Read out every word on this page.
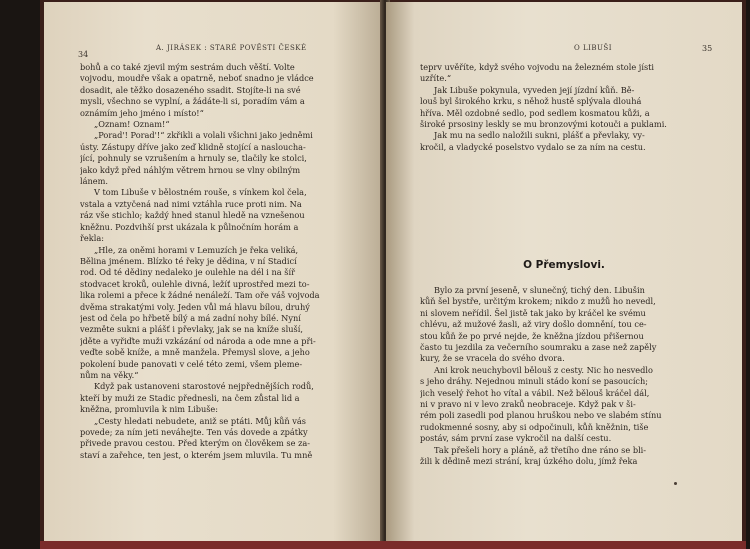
34
A. JIRÁSEK : STARÉ POVĚSTI ČESKÉ

bohů a co také zjevil mým sestrám duch věští. Volte

vojvodu, moudře však a opatrně, neboť snadno je vládce

dosadit, ale těžko dosazeného ssadit. Stojíte-li na své

mysli, všechno se vyplní, a žádáte-li si, poradím vám a

oznámím jeho jméno i místo!“

„Oznam! Oznam!“

„Porad'! Porad'!“ zkřikli a volali všichni jako jedněmi

ústy. Zástupy dříve jako zeď klidně stojící a nasloucha-

jící, pohnuly se vzrušením a hrnuly se, tlačily ke stolci,

jako když před náhlým větrem hrnou se vlny obilným

lánem.

V tom Libuše v bělostném rouše, s vínkem kol čela,

vstala a vztyčená nad nimi vztáhla ruce proti nim. Na

ráz vše stichlo; každý hned stanul hledě na vznešenou

kněžnu. Pozdvihší prst ukázala k půlnočním horám a

řekla:

„Hle, za oněmi horami v Lemuzích je řeka veliká,

Bělina jménem. Blízko té řeky je dědina, v ní Stadicí

rod. Od té dědiny nedaleko je oulehle na dél i na šíř

stodvacet kroků, oulehle divná, ležíť uprostřed mezi to-

lika rolemi a přece k žádné nenáleží. Tam oře váš vojvoda

dvěma strakatými voly. Jeden vůl má hlavu bílou, druhý

jest od čela po hřbetě bílý a má zadní nohy bílé. Nyní

vezměte sukni a plášť i převlaky, jak se na kníže sluší,

jděte a vyřiďte muži vzkázání od národa a ode mne a při-

veďte sobě kníže, a mně manžela. Přemysl slove, a jeho

pokolení bude panovati v celé této zemi, všem pleme-

nům na věky.“

Když pak ustanoveni starostové nejpřednějších rodů,

kteří by muži ze Stadic přednesli, na čem zůstal lid a

kněžna, promluvila k nim Libuše:

„Cesty hledati nebudete, aniž se ptáti. Můj kůň vás

povede; za ním jeti neváhejte. Ten vás dovede a zpátky

přivede pravou cestou. Před kterým on člověkem se za-

staví a zařehce, ten jest, o kterém jsem mluvila. Tu mně

O LIBUŠI	35

teprv uvěříte, když svého vojvodu na železném stole jísti

uzříte.“

Jak Libuše pokynula, vyveden její jízdní kůň. Bě-

louš byl širokého krku, s něhož hustě splývala dlouhá

hříva. Měl ozdobné sedlo, pod sedlem kosmatou kůži, a

široké prsosiny leskly se mu bronzovými kotouči a puklami.

Jak mu na sedlo naložili sukni, plášť a převlaky, vy-

kročil, a vladycké poselstvo vydalo se za ním na cestu.

O Přemyslovi.

Bylo za první jeseně, v slunečný, tichý den. Libušin

kůň šel bystře, určitým krokem; nikdo z mužů ho nevedl,

ni slovem neřídil. Šel jistě tak jako by kráčel ke svému

chlévu, až mužové žasli, až viry došlo domnění, tou ce-

stou kůň že po prvé nejde, že kněžna jízdou přišernou

často tu jezdila za večerního soumraku a zase než zapěly

kury, že se vracela do svého dvora.

Ani krok neuchybovil bělouš z cesty. Nic ho nesvedlo

s jeho dráhy. Nejednou minuli stádo koní se pasoucích;

jich veselý řehot ho vítal a vábil. Než bělouš kráčel dál,

ni v pravo ni v levo zraků neobraceje. Když pak v ši-

rém poli zasedli pod planou hruškou nebo ve slabém stínu

rudokmenné sosny, aby si odpočinuli, kůň kněžnin, tiše

postáv, sám první zase vykročil na další cestu.

Tak přešeli hory a pláně, až třetího dne ráno se bli-

žili k dědině mezi strání, kraj úzkého dolu, jímž řeka
